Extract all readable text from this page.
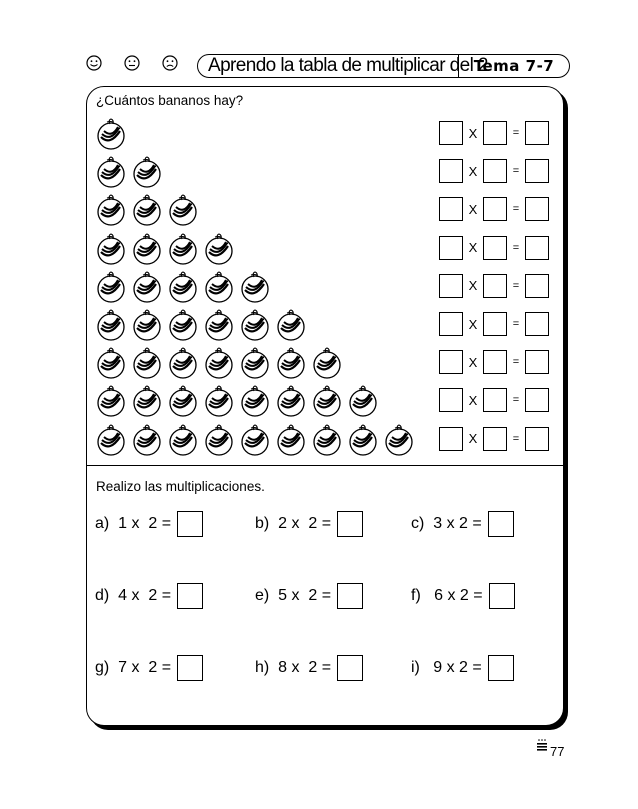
Aprendo la tabla de multiplicar del 2
Tema 7-7
¿Cuántos bananos hay?
X	=
X	=
X	=
X	=
X	=
X	=
X	=
X	=
X	=
Realizo las multiplicaciones.
a)  1 x  2 =	b)  2 x  2 =	c)  3 x 2 =
d)  4 x  2 =	e)  5 x  2 =	f)   6 x 2 =
g)  7 x  2 =	h)  8 x  2 =	i)   9 x 2 =
77
